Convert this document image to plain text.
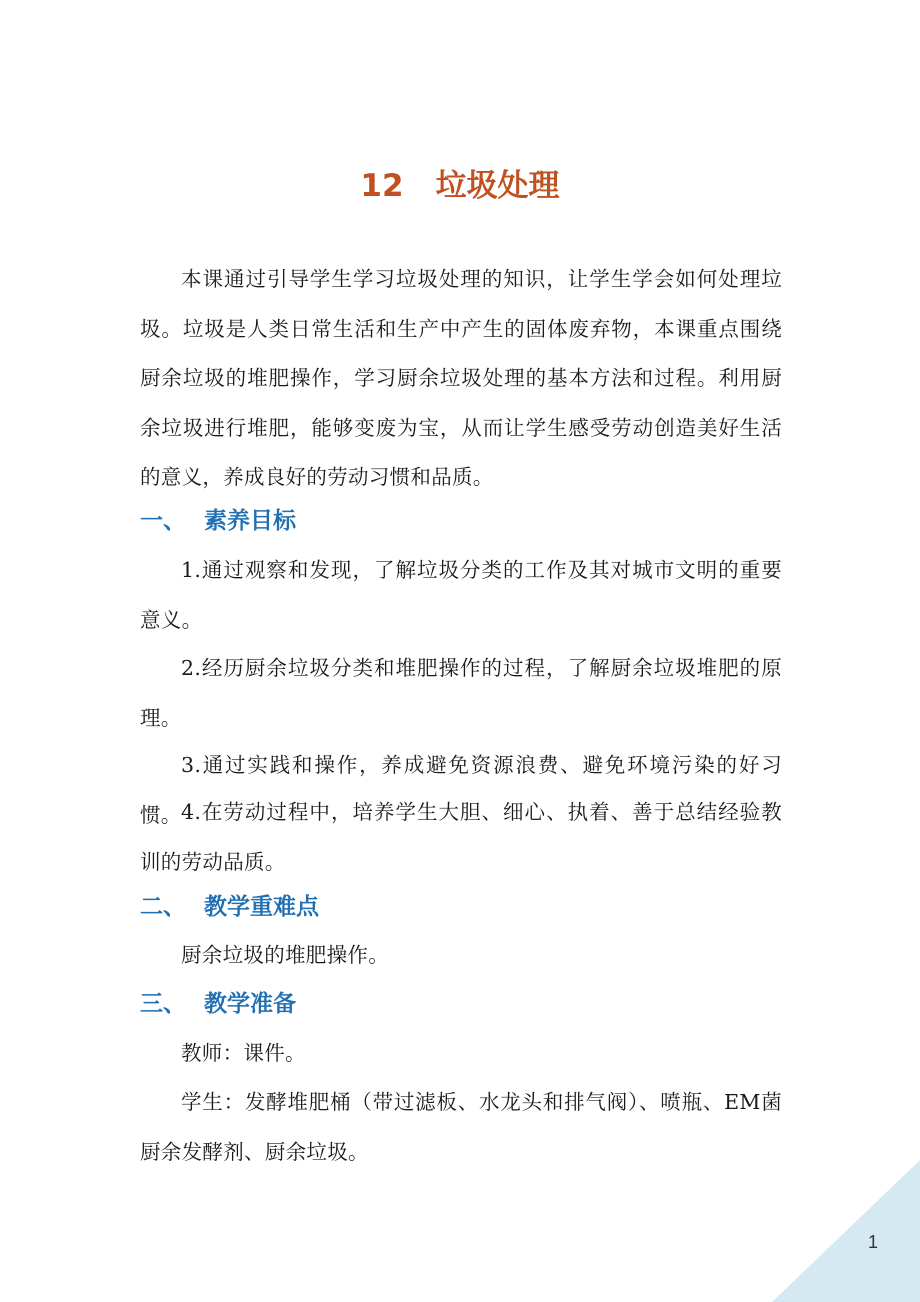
12 垃圾处理
本课通过引导学生学习垃圾处理的知识，让学生学会如何处理垃圾。垃圾是人类日常生活和生产中产生的固体废弃物，本课重点围绕厨余垃圾的堆肥操作，学习厨余垃圾处理的基本方法和过程。利用厨余垃圾进行堆肥，能够变废为宝，从而让学生感受劳动创造美好生活的意义，养成良好的劳动习惯和品质。
一、 素养目标
1.通过观察和发现，了解垃圾分类的工作及其对城市文明的重要意义。
2.经历厨余垃圾分类和堆肥操作的过程，了解厨余垃圾堆肥的原理。
3.通过实践和操作，养成避免资源浪费、避免环境污染的好习惯。 4.在劳动过程中，培养学生大胆、细心、执着、善于总结经验教训的劳动品质。
二、 教学重难点
厨余垃圾的堆肥操作。
三、 教学准备
教师：课件。
学生：发酵堆肥桶（带过滤板、水龙头和排气阀）、喷瓶、EM菌厨余发酵剂、厨余垃圾。
1
